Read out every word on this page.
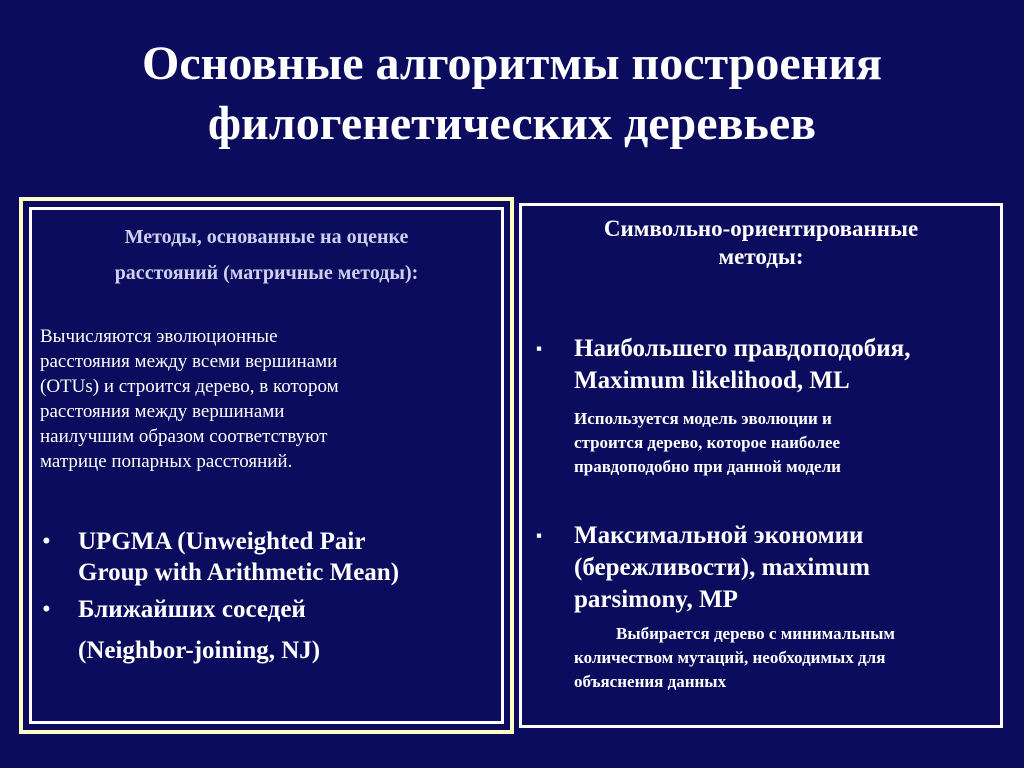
Основные алгоритмы построения
филогенетических деревьев
Методы, основанные на оценке
расстояний (матричные методы):
Вычисляются эволюционные
расстояния между всеми вершинами
(OTUs) и строится дерево, в котором
расстояния между вершинами
наилучшим образом соответствуют
матрице попарных расстояний.
• UPGMA (Unweighted Pair
Group with Arithmetic Mean)
• Ближайших соседей
(Neighbor-joining, NJ)
Символьно-ориентированные
методы:
▪ Наибольшего правдоподобия,
Maximum likelihood, ML
Используется модель эволюции и
строится дерево, которое наиболее
правдоподобно при данной модели
▪ Максимальной экономии
(бережливости), maximum
parsimony, MP
Выбирается дерево с минимальным
количеством мутаций, необходимых для
объяснения данных
